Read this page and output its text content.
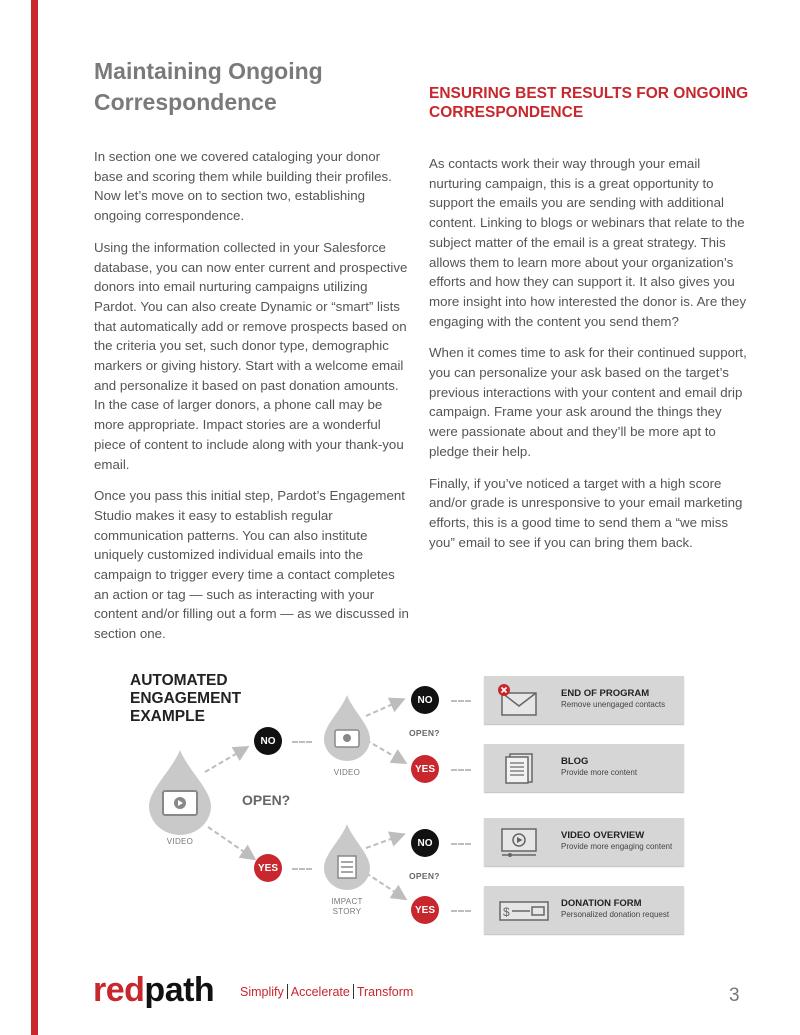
Maintaining Ongoing Correspondence	ENSURING BEST RESULTS FOR ONGOING CORRESPONDENCE

In section one we covered cataloging your donor base and scoring them while building their profiles. Now let’s move on to section two, establishing ongoing correspondence.

Using the information collected in your Salesforce database, you can now enter current and prospective donors into email nurturing campaigns utilizing Pardot. You can also create Dynamic or “smart” lists that automatically add or remove prospects based on the criteria you set, such donor type, demographic markers or giving history. Start with a welcome email and personalize it based on past donation amounts. In the case of larger donors, a phone call may be more appropriate. Impact stories are a wonderful piece of content to include along with your thank-you email.

Once you pass this initial step, Pardot’s Engagement Studio makes it easy to establish regular communication patterns. You can also institute uniquely customized individual emails into the campaign to trigger every time a contact completes an action or tag — such as interacting with your content and/or filling out a form — as we discussed in section one.

As contacts work their way through your email nurturing campaign, this is a great opportunity to support the emails you are sending with additional content. Linking to blogs or webinars that relate to the subject matter of the email is a great strategy. This allows them to learn more about your organization’s efforts and how they can support it. It also gives you more insight into how interested the donor is. Are they engaging with the content you send them?

When it comes time to ask for their continued support, you can personalize your ask based on the target’s previous interactions with your content and email drip campaign. Frame your ask around the things they were passionate about and they’ll be more apt to pledge their help.

Finally, if you’ve noticed a target with a high score and/or grade is unresponsive to your email marketing efforts, this is a good time to send them a “we miss you” email to see if you can bring them back.

AUTOMATED
ENGAGEMENT
EXAMPLE
VIDEO
OPEN?
NO
VIDEO
NO
OPEN?
YES
YES
IMPACT
STORY
NO
OPEN?
YES
END OF PROGRAM
Remove unengaged contacts
BLOG
Provide more content
VIDEO OVERVIEW
Provide more engaging content
$
DONATION FORM
Personalized donation request
redpath Simplify Accelerate Transform	3
